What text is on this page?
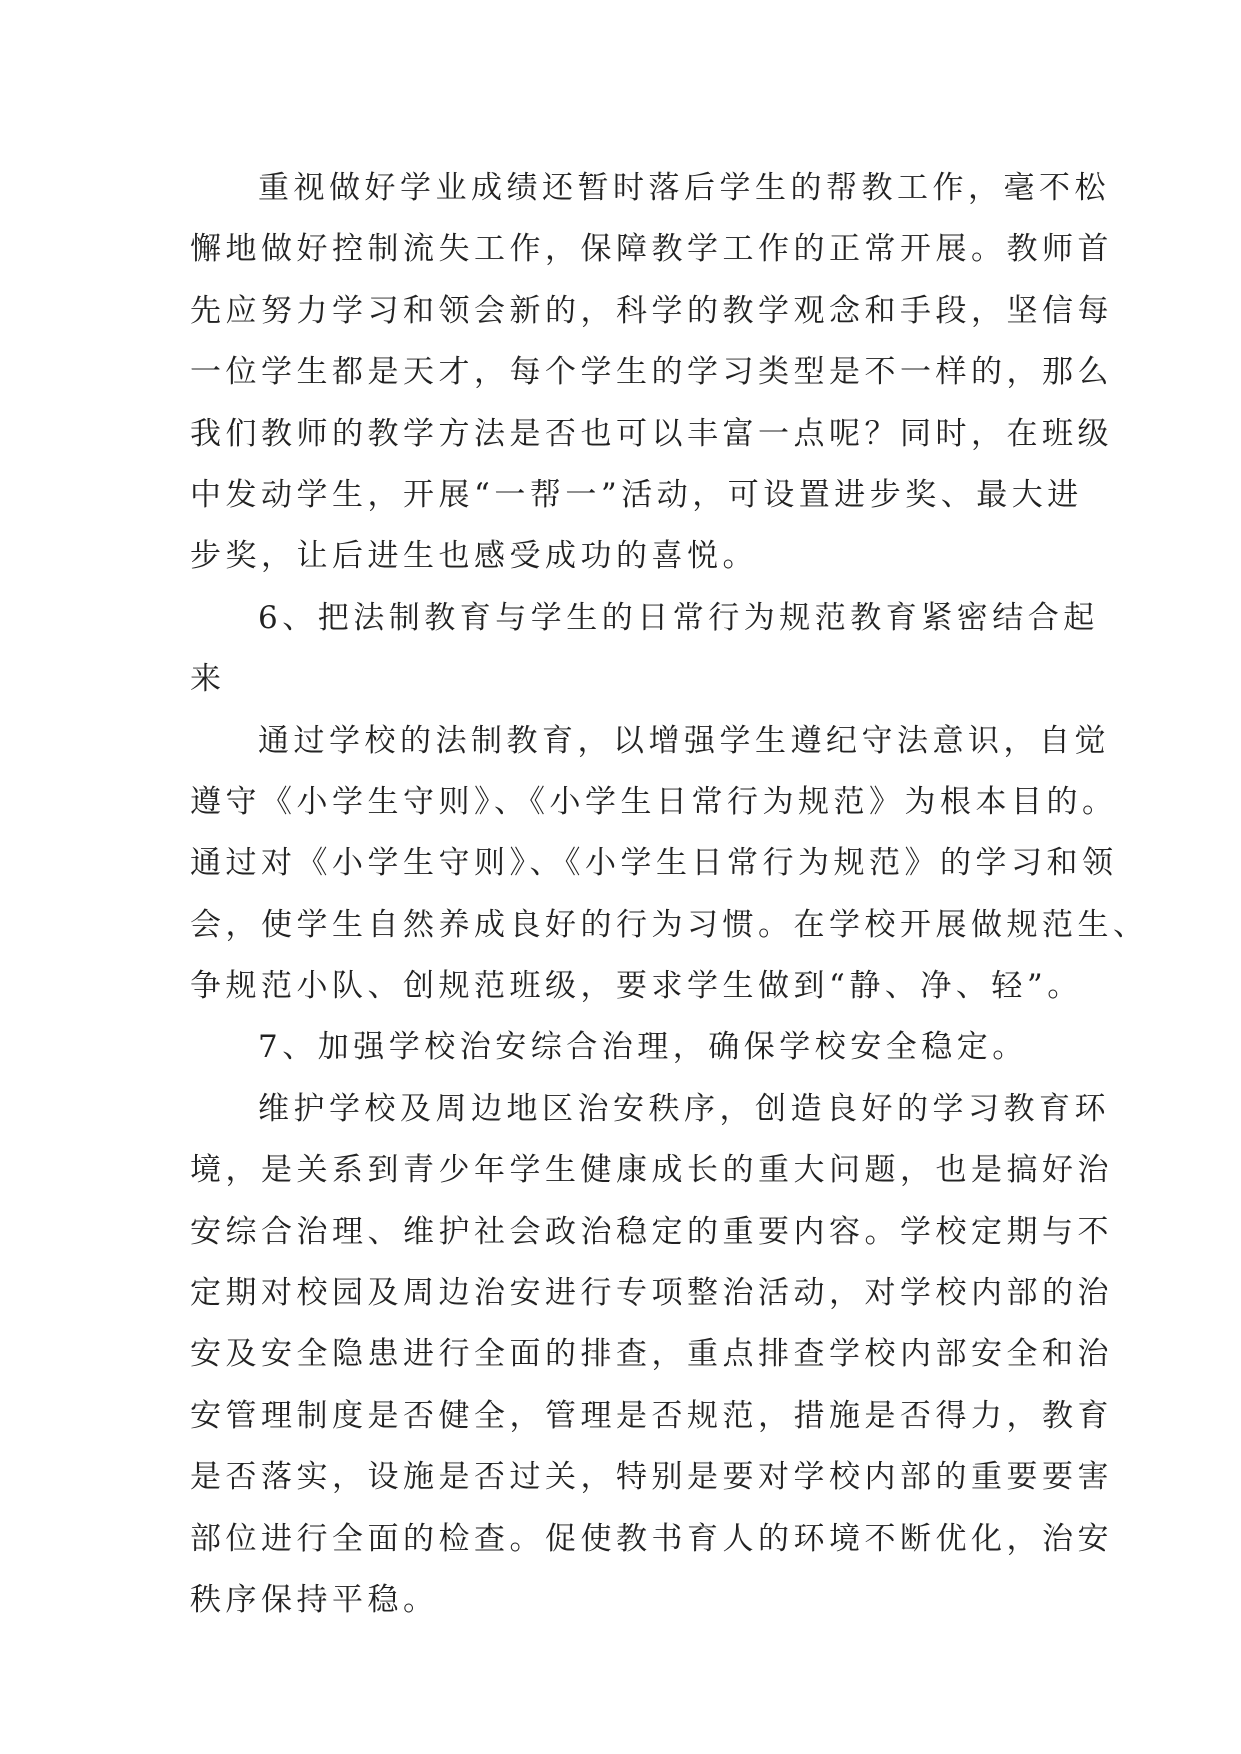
重视做好学业成绩还暂时落后学生的帮教工作，毫不松
懈地做好控制流失工作，保障教学工作的正常开展。教师首
先应努力学习和领会新的，科学的教学观念和手段，坚信每
一位学生都是天才，每个学生的学习类型是不一样的，那么
我们教师的教学方法是否也可以丰富一点呢？同时，在班级
中发动学生，开展“一帮一”活动，可设置进步奖、最大进
步奖，让后进生也感受成功的喜悦。
6、把法制教育与学生的日常行为规范教育紧密结合起
来
通过学校的法制教育，以增强学生遵纪守法意识，自觉
遵守《小学生守则》、《小学生日常行为规范》为根本目的。
通过对《小学生守则》、《小学生日常行为规范》的学习和领
会，使学生自然养成良好的行为习惯。在学校开展做规范生、
争规范小队、创规范班级，要求学生做到“静、净、轻”。
7、加强学校治安综合治理，确保学校安全稳定。
维护学校及周边地区治安秩序，创造良好的学习教育环
境，是关系到青少年学生健康成长的重大问题，也是搞好治
安综合治理、维护社会政治稳定的重要内容。学校定期与不
定期对校园及周边治安进行专项整治活动，对学校内部的治
安及安全隐患进行全面的排查，重点排查学校内部安全和治
安管理制度是否健全，管理是否规范，措施是否得力，教育
是否落实，设施是否过关，特别是要对学校内部的重要要害
部位进行全面的检查。促使教书育人的环境不断优化，治安
秩序保持平稳。
